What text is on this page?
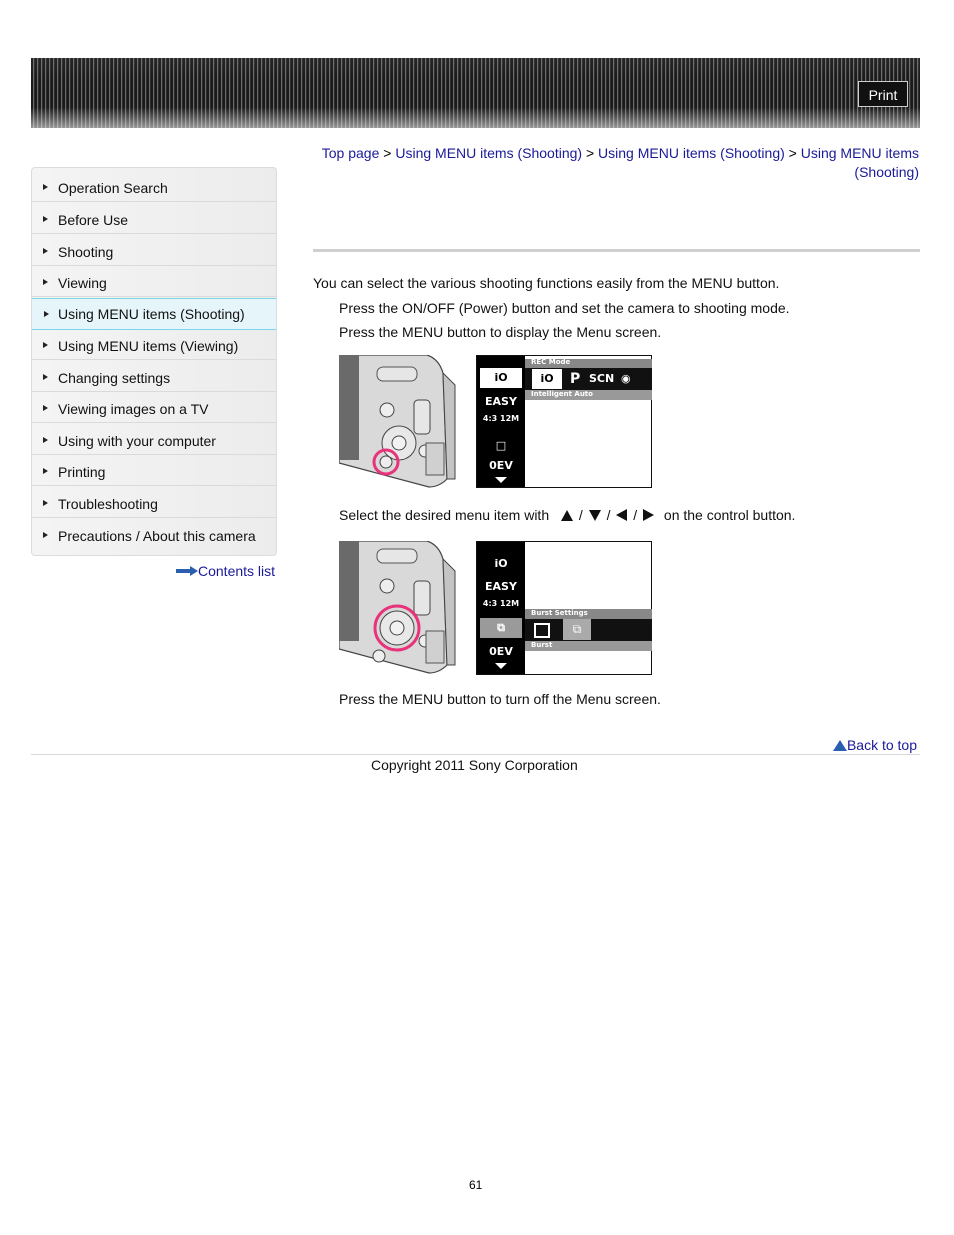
Print
Operation Search
Before Use
Shooting
Viewing
Using MENU items (Shooting)
Using MENU items (Viewing)
Changing settings
Viewing images on a TV
Using with your computer
Printing
Troubleshooting
Precautions / About this camera
Contents list
Top page > Using MENU items (Shooting) > Using MENU items (Shooting) > Using MENU items
(Shooting)
You can select the various shooting functions easily from the MENU button.
Press the ON/OFF (Power) button and set the camera to shooting mode.
Press the MENU button to display the Menu screen.
iO
EASY
4:3 12M
□
0EV
REC Mode
iO	P SCN ◉
Intelligent Auto
Select the desired menu item with / / / on the control button.
iO
EASY
4:3 12M
⧉
0EV
Burst Settings
⧉
Burst
Press the MENU button to turn off the Menu screen.
Back to top
Copyright 2011 Sony Corporation
61
